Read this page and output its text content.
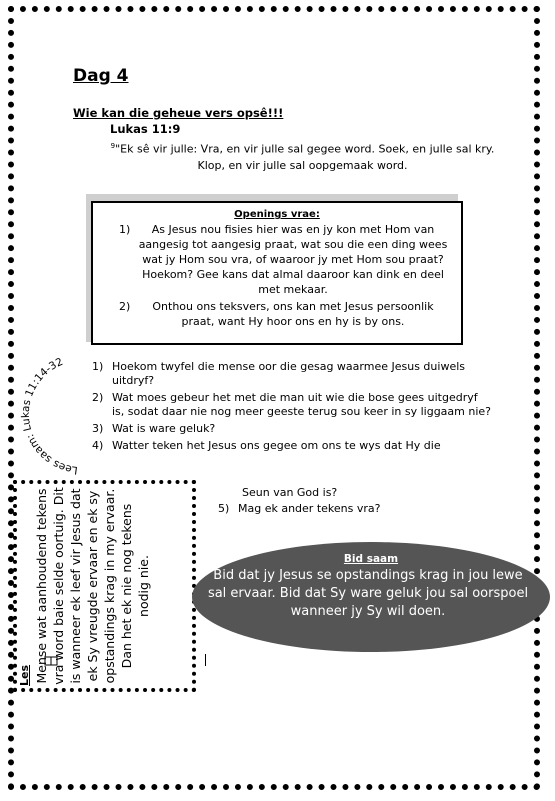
Dag 4
Wie kan die geheue vers opsê!!!
Lukas 11:9
$^9$"Ek sê vir julle: Vra, en vir julle sal gegee word. Soek, en julle sal kry. Klop, en vir julle sal oopgemaak word.
Openings vrae:
1)	As Jesus nou fisies hier was en jy kon met Hom van aangesig tot aangesig praat, wat sou die een ding wees wat jy Hom sou vra, of waaroor jy met Hom sou praat? Hoekom? Gee kans dat almal daaroor kan dink en deel met mekaar.
2)	Onthou ons teksvers, ons kan met Jesus persoonlik praat, want Hy hoor ons en hy is by ons.
Lees saam: Lukas 11:14-32	1) Hoekom twyfel die mense oor die gesag waarmee Jesus duiwels uitdryf?
2) Wat moes gebeur het met die man uit wie die bose gees uitgedryf is, sodat daar nie nog meer geeste terug sou keer in sy liggaam nie?
3) Wat is ware geluk?
4) Watter teken het Jesus ons gegee om ons te wys dat Hy die
Seun van God is?
5) Mag ek ander tekens vra?
Les Mense wat aanhoudend tekens vra word baie selde oortuig. Dit is wanneer ek leef vir Jesus dat ek Sy vreugde ervaar en ek sy opstandings krag in my ervaar. Dan het ek nie nog tekens nodig nie.	Bid saam
Bid dat jy Jesus se opstandings krag in jou lewe sal ervaar. Bid dat Sy ware geluk jou sal oorspoel wanneer jy Sy wil doen.
